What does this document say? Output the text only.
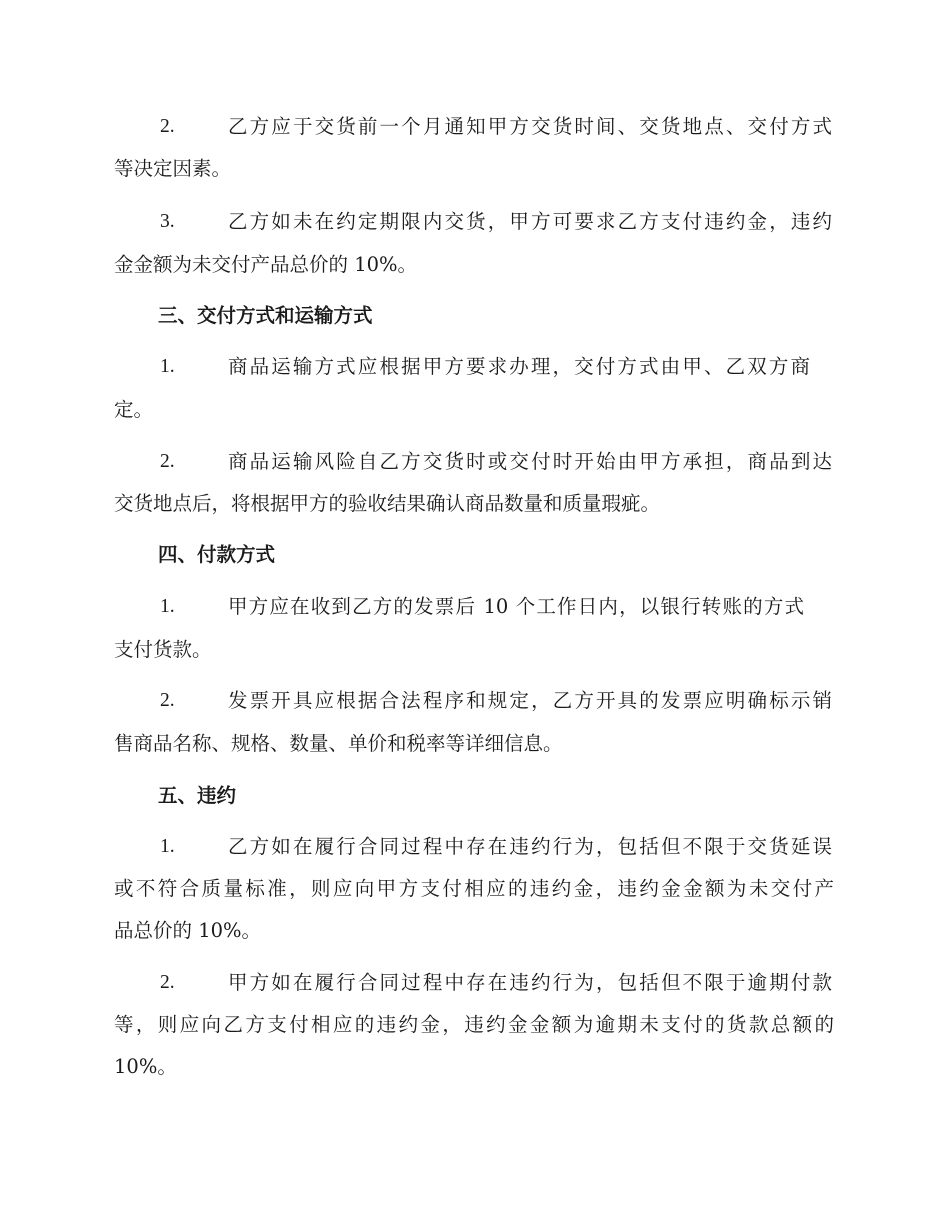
2.	乙方应于交货前一个月通知甲方交货时间、交货地点、交付方式
等决定因素。
3.	乙方如未在约定期限内交货，甲方可要求乙方支付违约金，违约
金金额为未交付产品总价的 10%。
三、交付方式和运输方式
1.	商品运输方式应根据甲方要求办理，交付方式由甲、乙双方商
定。
2.	商品运输风险自乙方交货时或交付时开始由甲方承担，商品到达
交货地点后，将根据甲方的验收结果确认商品数量和质量瑕疵。
四、付款方式
1.	甲方应在收到乙方的发票后 10 个工作日内，以银行转账的方式
支付货款。
2.	发票开具应根据合法程序和规定，乙方开具的发票应明确标示销
售商品名称、规格、数量、单价和税率等详细信息。
五、违约
1.	乙方如在履行合同过程中存在违约行为，包括但不限于交货延误
或不符合质量标准，则应向甲方支付相应的违约金，违约金金额为未交付产
品总价的 10%。
2.	甲方如在履行合同过程中存在违约行为，包括但不限于逾期付款
等，则应向乙方支付相应的违约金，违约金金额为逾期未支付的货款总额的
10%。
